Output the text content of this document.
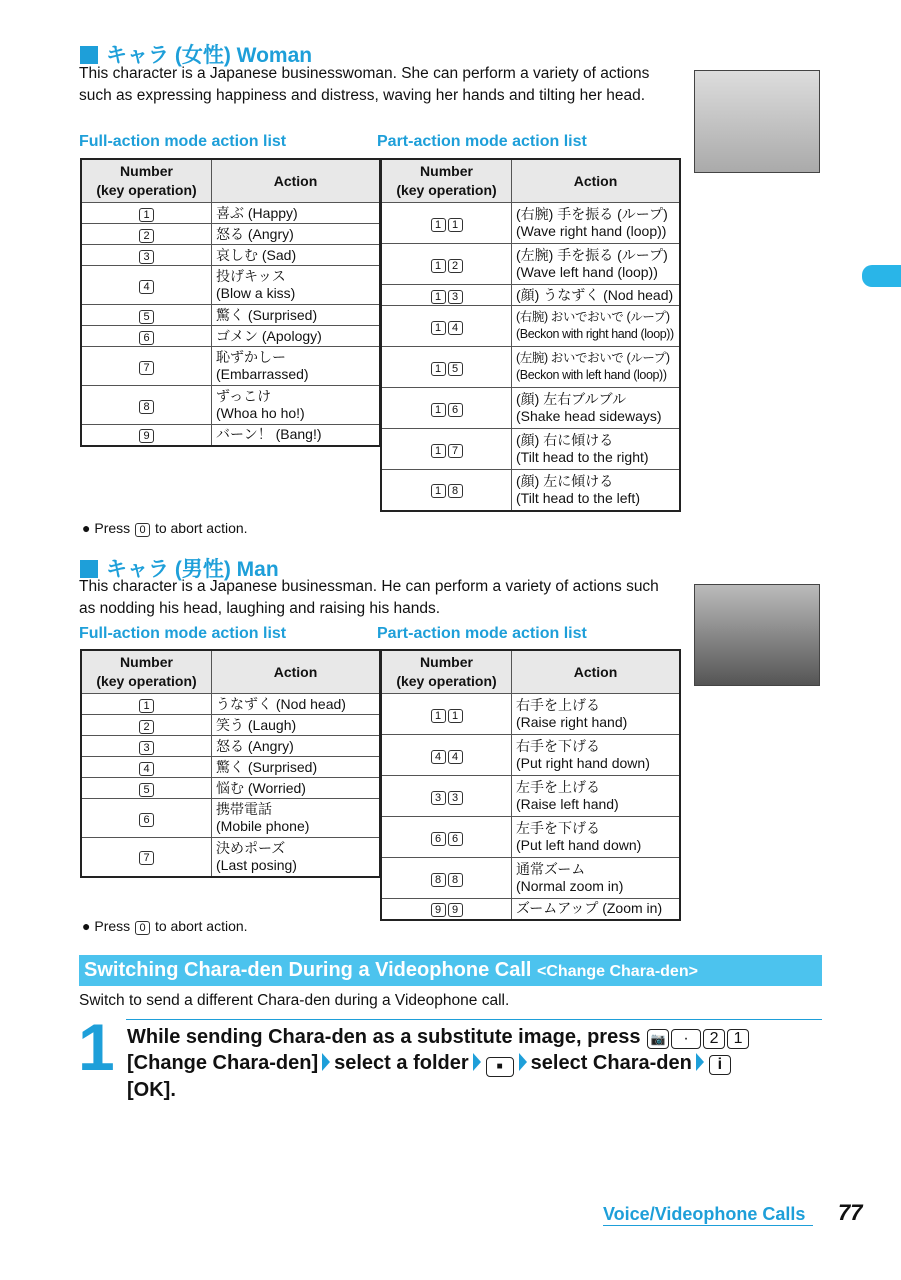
キャラ (女性) Woman
This character is a Japanese businesswoman. She can perform a variety of actions such as expressing happiness and distress, waving her hands and tilting her head.
Full-action mode action list	Part-action mode action list
Number
(key operation)	Action
1	喜ぶ (Happy)

2	怒る (Angry)

3	哀しむ (Sad)

4	投げキッス
(Blow a kiss)

5	驚く (Surprised)

6	ゴメン (Apology)

7	恥ずかしー
(Embarrassed)

8	ずっこけ
(Whoa ho ho!)

9	バーン！ (Bang!)
Number
(key operation)	Action
1 1	(右腕) 手を振る (ループ)
(Wave right hand (loop))

1 2	(左腕) 手を振る (ループ)
(Wave left hand (loop))

1 3	(顔) うなずく (Nod head)

1 4	(右腕) おいでおいで (ループ)
(Beckon with right hand (loop))

1 5	(左腕) おいでおいで (ループ)
(Beckon with left hand (loop))

1 6	(顔) 左右ブルブル
(Shake head sideways)

1 7	(顔) 右に傾ける
(Tilt head to the right)

1 8	(顔) 左に傾ける
(Tilt head to the left)
● Press 0 to abort action.
キャラ (男性) Man
This character is a Japanese businessman. He can perform a variety of actions such as nodding his head, laughing and raising his hands.
Full-action mode action list	Part-action mode action list
Number
(key operation)	Action
1	うなずく (Nod head)

2	笑う (Laugh)

3	怒る (Angry)

4	驚く (Surprised)

5	悩む (Worried)

6	携帯電話
(Mobile phone)

7	決めポーズ
(Last posing)
Number
(key operation)	Action
1 1	右手を上げる
(Raise right hand)

4 4	右手を下げる
(Put right hand down)

3 3	左手を上げる
(Raise left hand)

6 6	左手を下げる
(Put left hand down)

8 8	通常ズーム
(Normal zoom in)

9 9	ズームアップ (Zoom in)
● Press 0 to abort action.
Switching Chara-den During a Videophone Call <Change Chara-den>
Switch to send a different Chara-den during a Videophone call.
1 While sending Chara-den as a substitute image, press 📷 · 2 1
[Change Chara-den] select a folder	■ select Chara-den i
[OK].
Voice/Videophone Calls	77
